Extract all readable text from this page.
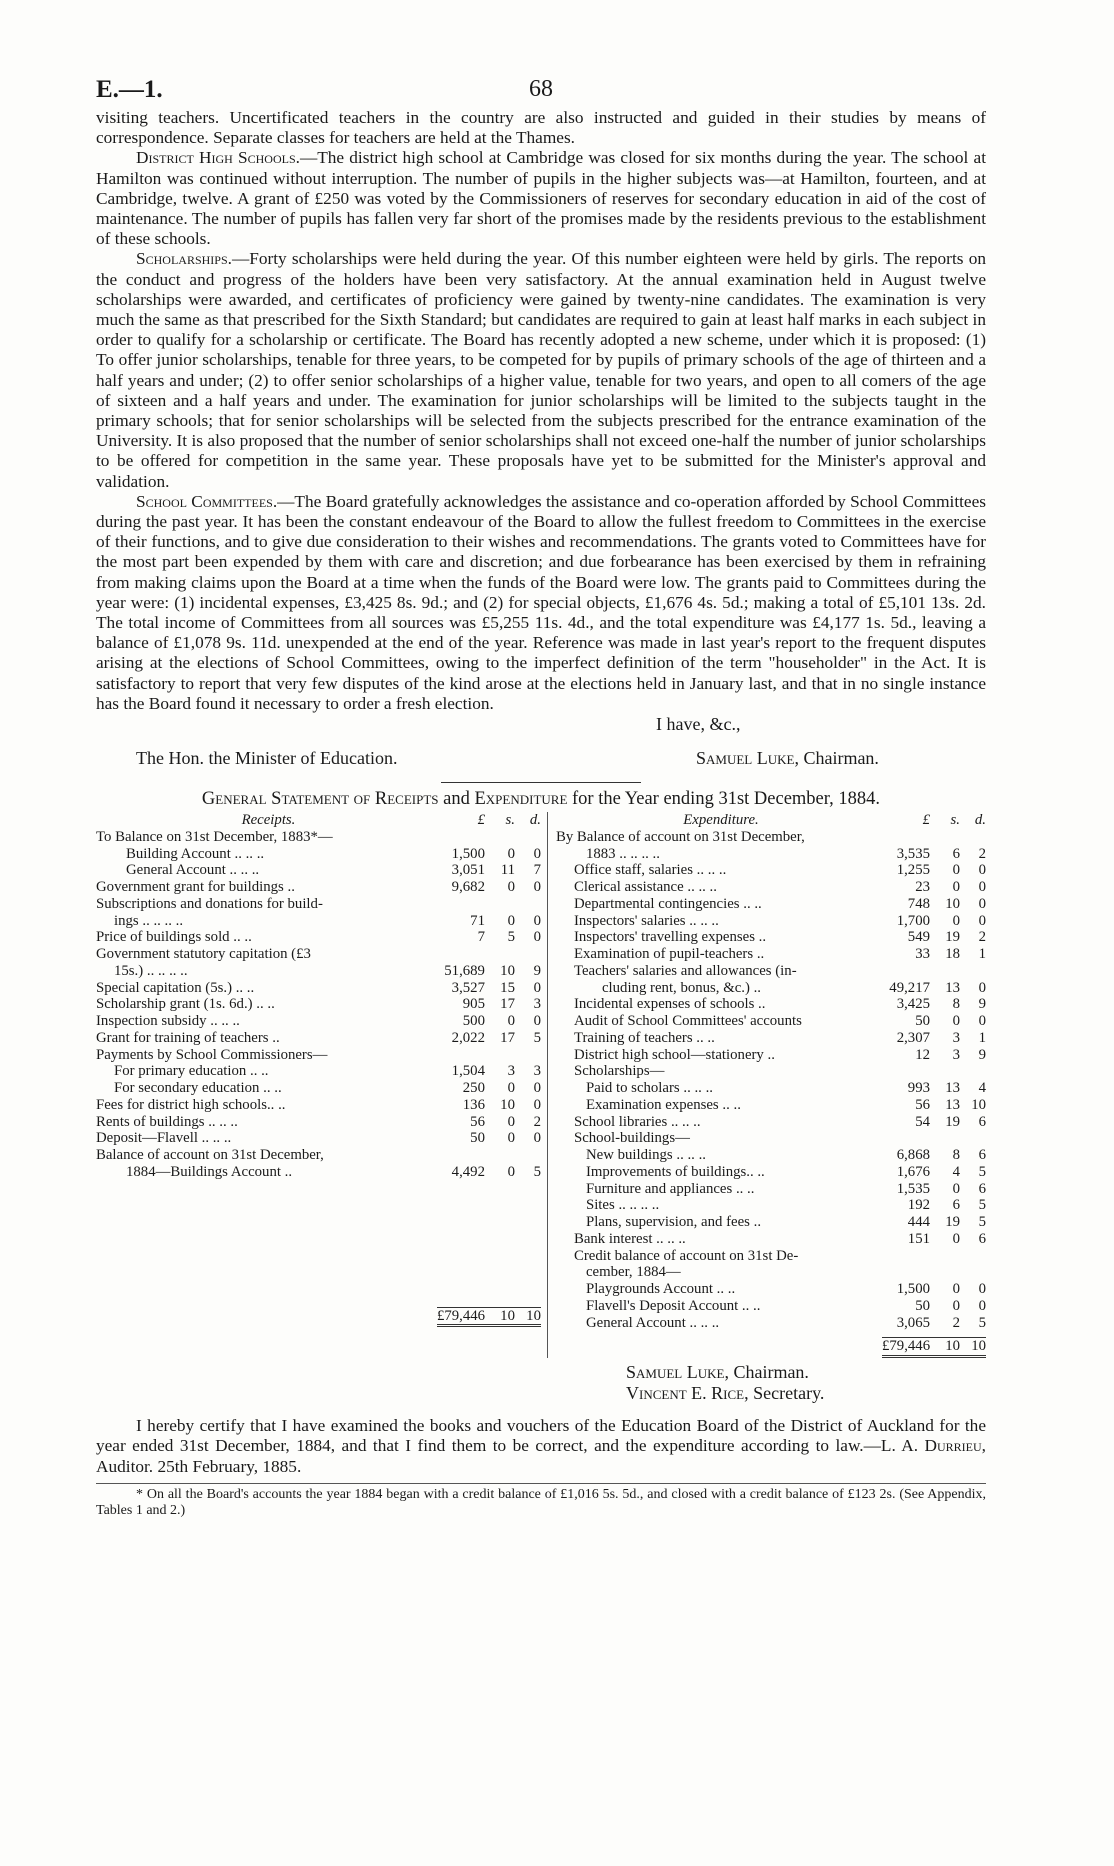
E.—1.	68

visiting teachers. Uncertificated teachers in the country are also instructed and guided in their studies by means of correspondence. Separate classes for teachers are held at the Thames.

District High Schools.—The district high school at Cambridge was closed for six months during the year. The school at Hamilton was continued without interruption. The number of pupils in the higher subjects was—at Hamilton, fourteen, and at Cambridge, twelve. A grant of £250 was voted by the Commissioners of reserves for secondary education in aid of the cost of maintenance. The number of pupils has fallen very far short of the promises made by the residents previous to the establishment of these schools.

Scholarships.—Forty scholarships were held during the year. Of this number eighteen were held by girls. The reports on the conduct and progress of the holders have been very satisfactory. At the annual examination held in August twelve scholarships were awarded, and certificates of proficiency were gained by twenty-nine candidates. The examination is very much the same as that prescribed for the Sixth Standard; but candidates are required to gain at least half marks in each subject in order to qualify for a scholarship or certificate. The Board has recently adopted a new scheme, under which it is proposed: (1) To offer junior scholarships, tenable for three years, to be competed for by pupils of primary schools of the age of thirteen and a half years and under; (2) to offer senior scholarships of a higher value, tenable for two years, and open to all comers of the age of sixteen and a half years and under. The examination for junior scholarships will be limited to the subjects taught in the primary schools; that for senior scholarships will be selected from the subjects prescribed for the entrance examination of the University. It is also proposed that the number of senior scholarships shall not exceed one-half the number of junior scholarships to be offered for competition in the same year. These proposals have yet to be submitted for the Minister's approval and validation.

School Committees.—The Board gratefully acknowledges the assistance and co-operation afforded by School Committees during the past year. It has been the constant endeavour of the Board to allow the fullest freedom to Committees in the exercise of their functions, and to give due consideration to their wishes and recommendations. The grants voted to Committees have for the most part been expended by them with care and discretion; and due forbearance has been exercised by them in refraining from making claims upon the Board at a time when the funds of the Board were low. The grants paid to Committees during the year were: (1) incidental expenses, £3,425 8s. 9d.; and (2) for special objects, £1,676 4s. 5d.; making a total of £5,101 13s. 2d. The total income of Committees from all sources was £5,255 11s. 4d., and the total expenditure was £4,177 1s. 5d., leaving a balance of £1,078 9s. 11d. unexpended at the end of the year. Reference was made in last year's report to the frequent disputes arising at the elections of School Committees, owing to the imperfect definition of the term "householder" in the Act. It is satisfactory to report that very few disputes of the kind arose at the elections held in January last, and that in no single instance has the Board found it necessary to order a fresh election.

I have, &c.,
The Hon. the Minister of Education.	Samuel Luke, Chairman.
General Statement of Receipts and Expenditure for the Year ending 31st December, 1884.
Receipts.	£	s.	d.
To Balance on 31st December, 1883*—
Building Account .. .. ..	1,500	0	0
General Account .. .. ..	3,051	11	7
Government grant for buildings ..	9,682	0	0
Subscriptions and donations for build-
ings .. .. .. ..	71	0	0
Price of buildings sold .. ..	7	5	0
Government statutory capitation (£3
15s.) .. .. .. ..	51,689	10	9
Special capitation (5s.) .. ..	3,527	15	0
Scholarship grant (1s. 6d.) .. ..	905	17	3
Inspection subsidy .. .. ..	500	0	0
Grant for training of teachers ..	2,022	17	5
Payments by School Commissioners—
For primary education .. ..	1,504	3	3
For secondary education .. ..	250	0	0
Fees for district high schools.. ..	136	10	0
Rents of buildings .. .. ..	56	0	2
Deposit—Flavell .. .. ..	50	0	0
Balance of account on 31st December,
1884—Buildings Account ..	4,492	0	5
£79,446	10 10
Expenditure.	£	s.	d.
By Balance of account on 31st December,
1883 .. .. .. ..	3,535	6	2
Office staff, salaries .. .. ..	1,255	0	0
Clerical assistance .. .. ..	23	0	0
Departmental contingencies .. ..	748	10	0
Inspectors' salaries .. .. ..	1,700	0	0
Inspectors' travelling expenses ..	549	19	2
Examination of pupil-teachers ..	33	18	1
Teachers' salaries and allowances (in-
cluding rent, bonus, &c.) ..	49,217	13	0
Incidental expenses of schools ..	3,425	8	9
Audit of School Committees' accounts	50	0	0
Training of teachers .. ..	2,307	3	1
District high school—stationery ..	12	3	9
Scholarships—
Paid to scholars .. .. ..	993	13	4
Examination expenses .. ..	56	13 10
School libraries .. .. ..	54	19	6
School-buildings—
New buildings .. .. ..	6,868	8	6
Improvements of buildings.. ..	1,676	4	5
Furniture and appliances .. ..	1,535	0	6
Sites .. .. .. ..	192	6	5
Plans, supervision, and fees ..	444	19	5
Bank interest .. .. ..	151	0	6
Credit balance of account on 31st De-
cember, 1884—
Playgrounds Account .. ..	1,500	0	0
Flavell's Deposit Account .. ..	50	0	0
General Account .. .. ..	3,065	2	5
£79,446	10 10
Samuel Luke, Chairman.
Vincent E. Rice, Secretary.

I hereby certify that I have examined the books and vouchers of the Education Board of the District of Auckland for the year ended 31st December, 1884, and that I find them to be correct, and the expenditure according to law.—L. A. Durrieu, Auditor. 25th February, 1885.

* On all the Board's accounts the year 1884 began with a credit balance of £1,016 5s. 5d., and closed with a credit balance of £123 2s. (See Appendix, Tables 1 and 2.)
